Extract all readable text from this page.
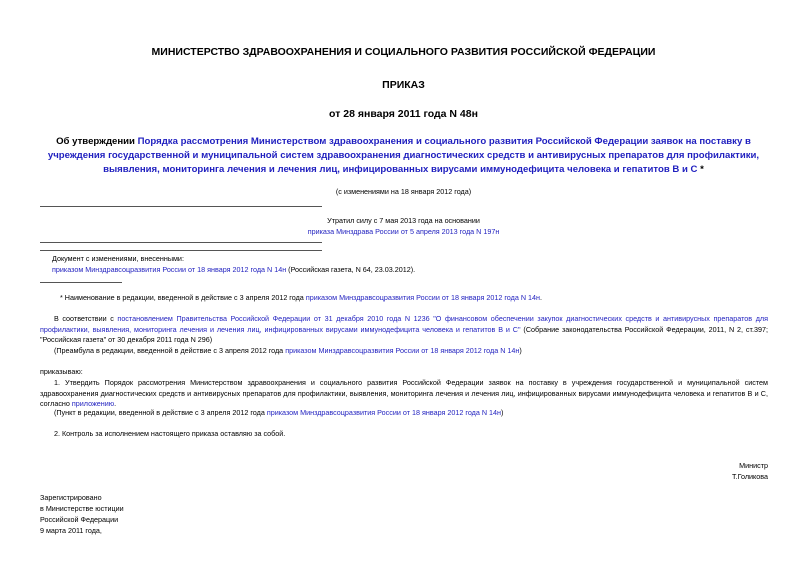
МИНИСТЕРСТВО ЗДРАВООХРАНЕНИЯ И СОЦИАЛЬНОГО РАЗВИТИЯ РОССИЙСКОЙ ФЕДЕРАЦИИ
ПРИКАЗ
от 28 января 2011 года N 48н
Об утверждении Порядка рассмотрения Министерством здравоохранения и социального развития Российской Федерации заявок на поставку в учреждения государственной и муниципальной систем здравоохранения диагностических средств и антивирусных препаратов для профилактики, выявления, мониторинга лечения и лечения лиц, инфицированных вирусами иммунодефицита человека и гепатитов В и С *
(с изменениями на 18 января 2012 года)
Утратил силу с 7 мая 2013 года на основании
приказа Минздрава России от 5 апреля 2013 года N 197н
Документ с изменениями, внесенными:
приказом Минздравсоцразвития России от 18 января 2012 года N 14н (Российская газета, N 64, 23.03.2012).
* Наименование в редакции, введенной в действие с 3 апреля 2012 года приказом Минздравсоцразвития России от 18 января 2012 года N 14н.
В соответствии с постановлением Правительства Российской Федерации от 31 декабря 2010 года N 1236 "О финансовом обеспечении закупок диагностических средств и антивирусных препаратов для профилактики, выявления, мониторинга лечения и лечения лиц, инфицированных вирусами иммунодефицита человека и гепатитов В и С" (Собрание законодательства Российской Федерации, 2011, N 2, ст.397; "Российская газета" от 30 декабря 2011 года N 296)
(Преамбула в редакции, введенной в действие с 3 апреля 2012 года приказом Минздравсоцразвития России от 18 января 2012 года N 14н)
приказываю:
1. Утвердить Порядок рассмотрения Министерством здравоохранения и социального развития Российской Федерации заявок на поставку в учреждения государственной и муниципальной систем здравоохранения диагностических средств и антивирусных препаратов для профилактики, выявления, мониторинга лечения и лечения лиц, инфицированных вирусами иммунодефицита человека и гепатитов В и С, согласно приложению.
(Пункт в редакции, введенной в действие с 3 апреля 2012 года приказом Минздравсоцразвития России от 18 января 2012 года N 14н)
2. Контроль за исполнением настоящего приказа оставляю за собой.
Министр
Т.Голикова
Зарегистрировано
в Министерстве юстиции
Российской Федерации
9 марта 2011 года,
